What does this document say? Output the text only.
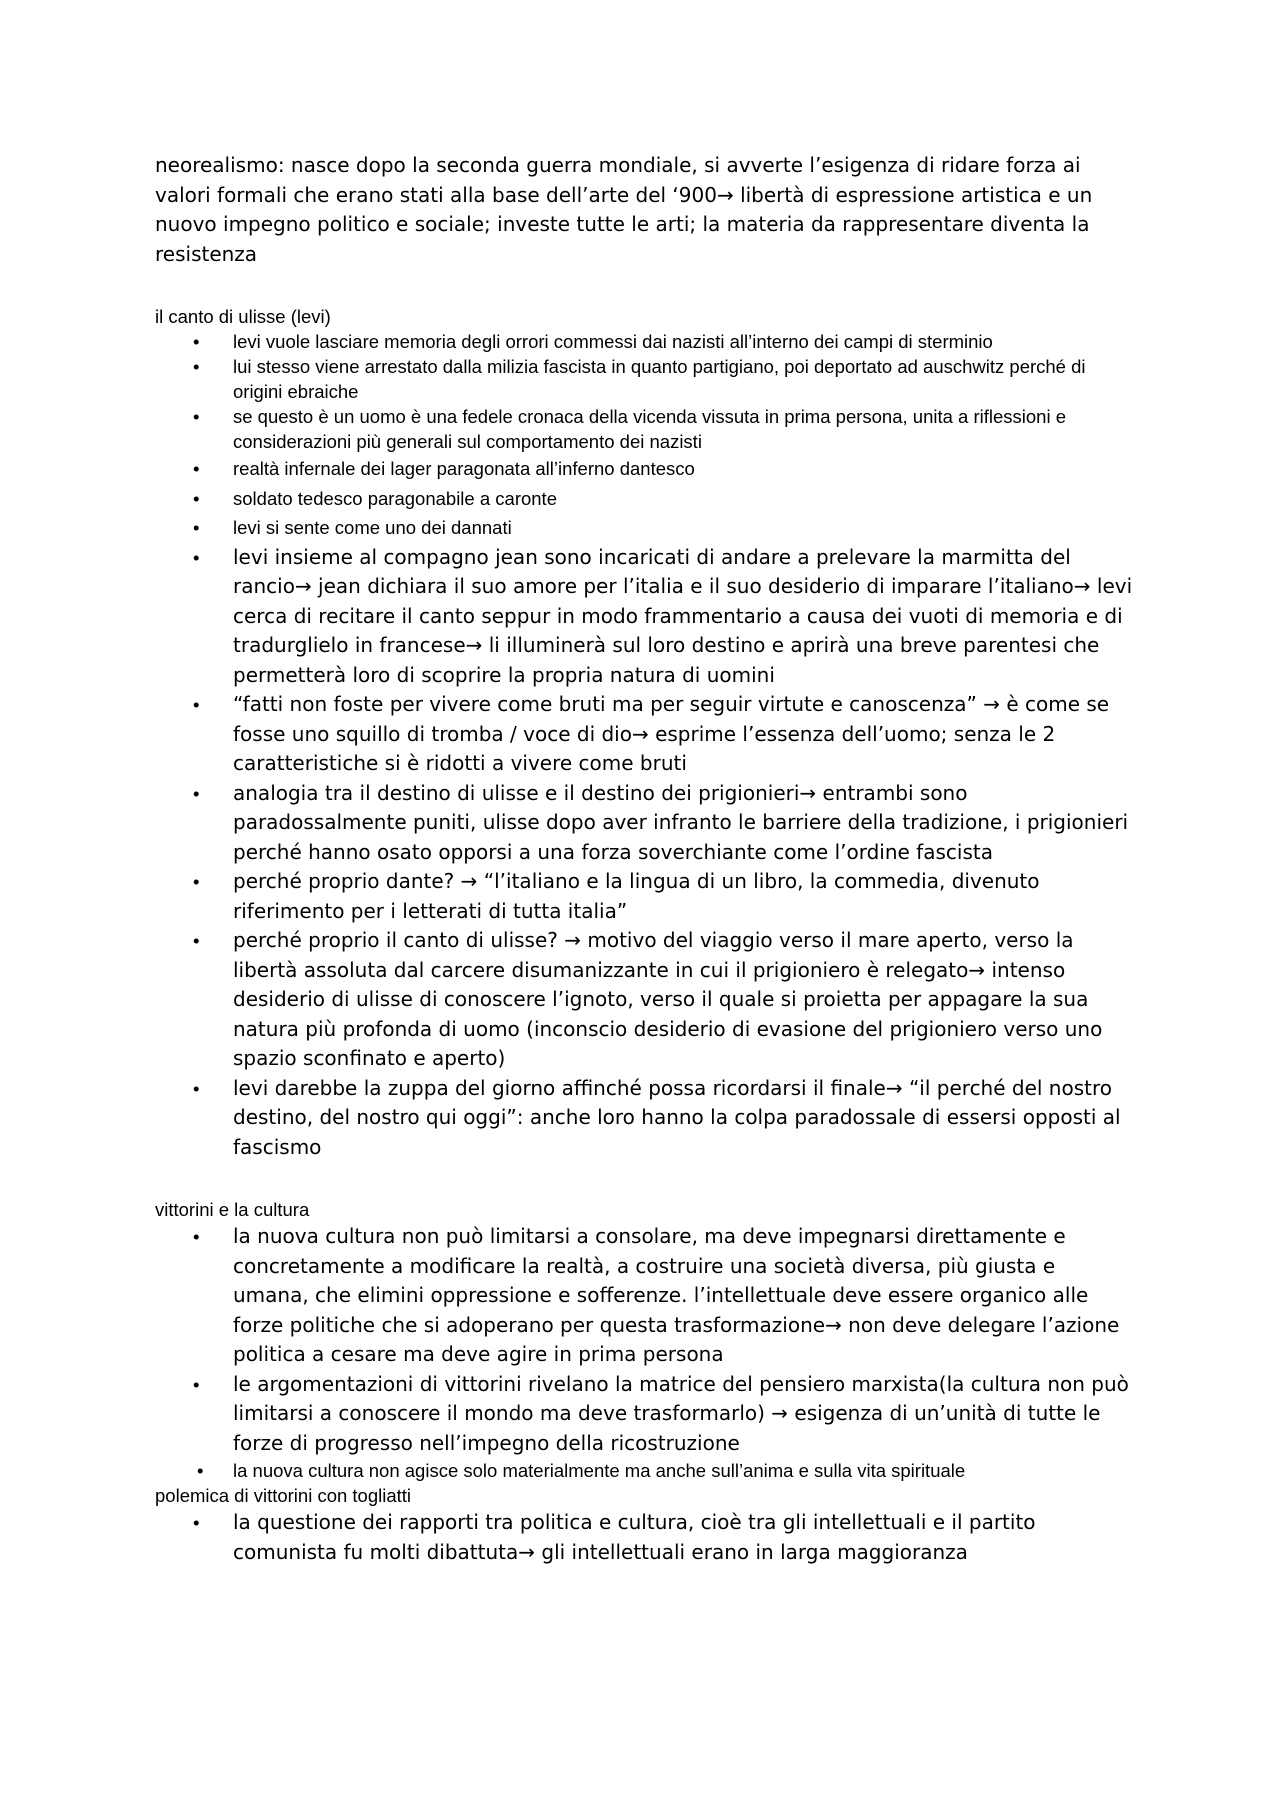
neorealismo: nasce dopo la seconda guerra mondiale, si avverte l’esigenza di ridare forza ai valori formali che erano stati alla base dell’arte del ‘900→ libertà di espressione artistica e un nuovo impegno politico e sociale; investe tutte le arti; la materia da rappresentare diventa la resistenza

il canto di ulisse (levi)

• levi vuole lasciare memoria degli orrori commessi dai nazisti all’interno dei campi di sterminio
• lui stesso viene arrestato dalla milizia fascista in quanto partigiano, poi deportato ad auschwitz perché di origini ebraiche
• se questo è un uomo è una fedele cronaca della vicenda vissuta in prima persona, unita a riflessioni e considerazioni più generali sul comportamento dei nazisti
• realtà infernale dei lager paragonata all’inferno dantesco
• soldato tedesco paragonabile a caronte
• levi si sente come uno dei dannati
• levi insieme al compagno jean sono incaricati di andare a prelevare la marmitta del rancio→ jean dichiara il suo amore per l’italia e il suo desiderio di imparare l’italiano→ levi cerca di recitare il canto seppur in modo frammentario a causa dei vuoti di memoria e di tradurglielo in francese→ li illuminerà sul loro destino e aprirà una breve parentesi che permetterà loro di scoprire la propria natura di uomini
• “fatti non foste per vivere come bruti ma per seguir virtute e canoscenza” → è come se fosse uno squillo di tromba / voce di dio→ esprime l’essenza dell’uomo; senza le 2 caratteristiche si è ridotti a vivere come bruti
• analogia tra il destino di ulisse e il destino dei prigionieri→ entrambi sono paradossalmente puniti, ulisse dopo aver infranto le barriere della tradizione, i prigionieri perché hanno osato opporsi a una forza soverchiante come l’ordine fascista
• perché proprio dante? → “l’italiano e la lingua di un libro, la commedia, divenuto riferimento per i letterati di tutta italia”
• perché proprio il canto di ulisse? → motivo del viaggio verso il mare aperto, verso la libertà assoluta dal carcere disumanizzante in cui il prigioniero è relegato→ intenso desiderio di ulisse di conoscere l’ignoto, verso il quale si proietta per appagare la sua natura più profonda di uomo (inconscio desiderio di evasione del prigioniero verso uno spazio sconfinato e aperto)
• levi darebbe la zuppa del giorno affinché possa ricordarsi il finale→ “il perché del nostro destino, del nostro qui oggi”: anche loro hanno la colpa paradossale di essersi opposti al fascismo

vittorini e la cultura

• la nuova cultura non può limitarsi a consolare, ma deve impegnarsi direttamente e concretamente a modificare la realtà, a costruire una società diversa, più giusta e umana, che elimini oppressione e sofferenze. l’intellettuale deve essere organico alle forze politiche che si adoperano per questa trasformazione→ non deve delegare l’azione politica a cesare ma deve agire in prima persona
• le argomentazioni di vittorini rivelano la matrice del pensiero marxista(la cultura non può limitarsi a conoscere il mondo ma deve trasformarlo) → esigenza di un’unità di tutte le forze di progresso nell’impegno della ricostruzione
• la nuova cultura non agisce solo materialmente ma anche sull’anima e sulla vita spirituale

polemica di vittorini con togliatti

• la questione dei rapporti tra politica e cultura, cioè tra gli intellettuali e il partito comunista fu molti dibattuta→ gli intellettuali erano in larga maggioranza
